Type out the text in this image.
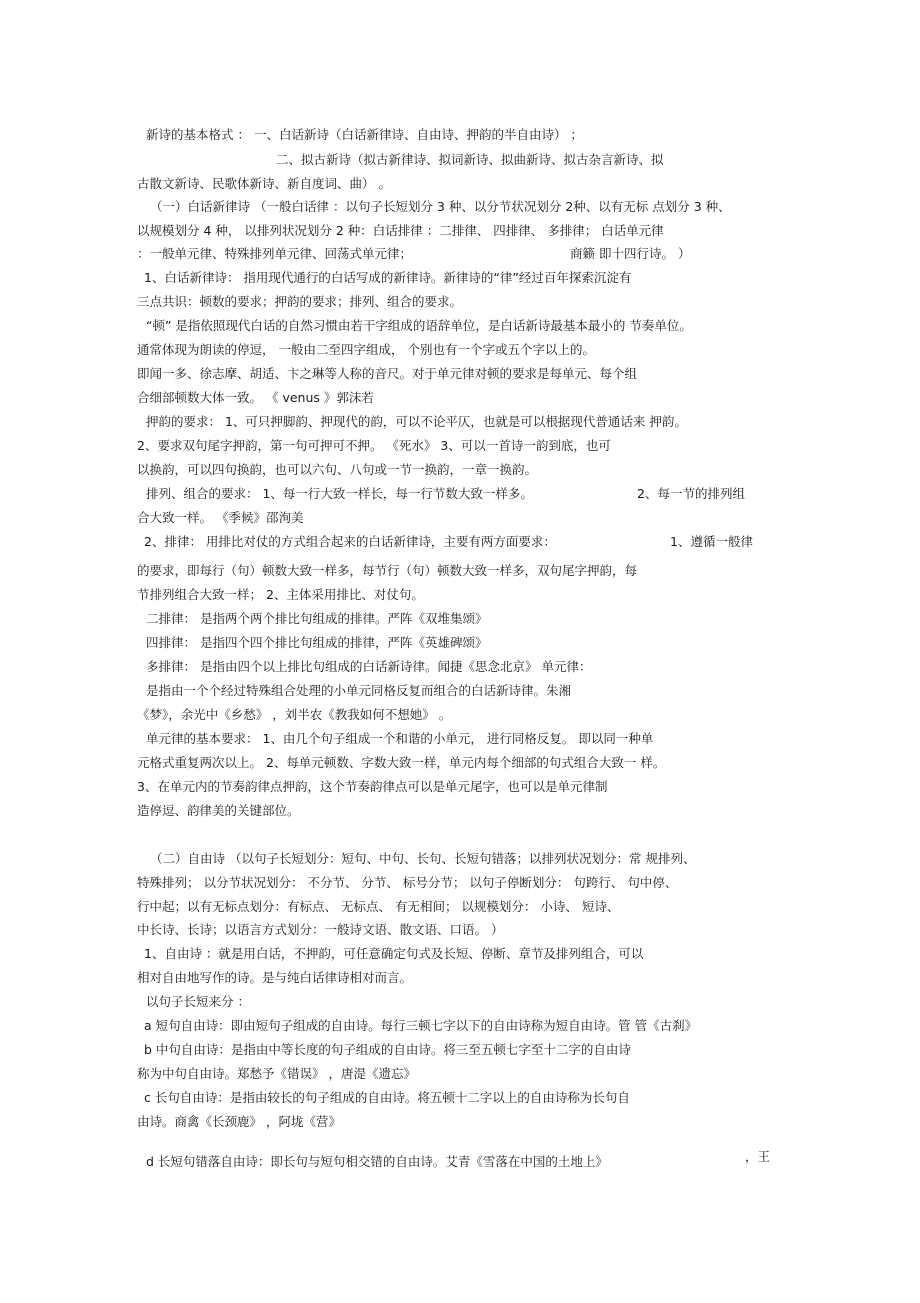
新诗的基本格式 ： 一、白话新诗（白话新律诗、自由诗、押韵的半自由诗） ；
二、拟古新诗（拟古新律诗、拟词新诗、拟曲新诗、拟古杂言新诗、拟
古散文新诗、民歌体新诗、新自度词、曲） 。
（一）白话新律诗 （一般白话律 ：以句子长短划分 3 种、以分节状况划分 2种、以有无标 点划分 3 种、
以规模划分 4 种， 以排列状况划分 2 种：白话排律 ：二排律、 四排律、 多排律； 白话单元律
：一般单元律、特殊排列单元律、回荡式单元律；	商籁 即十四行诗。 ）
1、白话新律诗： 指用现代通行的白话写成的新律诗。新律诗的“律”经过百年探索沉淀有
三点共识：顿数的要求；押韵的要求；排列、组合的要求。
“顿” 是指依照现代白话的自然习惯由若干字组成的语辞单位，是白话新诗最基本最小的 节奏单位。
通常体现为朗读的停逗， 一般由二至四字组成， 个别也有一个字或五个字以上的。
即闻一多、徐志摩、胡适、卞之琳等人称的音尺。对于单元律对顿的要求是每单元、每个组
合细部顿数大体一致。 《 venus 》郭沫若
押韵的要求： 1、可只押脚韵、押现代的韵，可以不论平仄，也就是可以根据现代普通话来 押韵。
2、要求双句尾字押韵，第一句可押可不押。 《死水》 3、可以一首诗一韵到底，也可
以换韵，可以四句换韵，也可以六句、八句或一节一换韵，一章一换韵。
排列、组合的要求： 1、每一行大致一样长，每一行节数大致一样多。	2、每一节的排列组
合大致一样。 《季候》邵洵美
2、排律： 用排比对仗的方式组合起来的白话新律诗，主要有两方面要求：	1、遵循一般律
的要求，即每行（句）顿数大致一样多，每节行（句）顿数大致一样多，双句尾字押韵，每
节排列组合大致一样； 2、主体采用排比、对仗句。
二排律： 是指两个两个排比句组成的排律。严阵《双堆集颂》
四排律： 是指四个四个排比句组成的排律，严阵《英雄碑颂》
多排律： 是指由四个以上排比句组成的白话新诗律。闻捷《思念北京》 单元律：
是指由一个个经过特殊组合处理的小单元同格反复而组合的白话新诗律。朱湘
《梦》，余光中《乡愁》 ，刘半农《教我如何不想她》 。
单元律的基本要求： 1、由几个句子组成一个和谐的小单元， 进行同格反复。 即以同一种单
元格式重复两次以上。 2、每单元顿数、字数大致一样，单元内每个细部的句式组合大致一 样。
3、在单元内的节奏韵律点押韵，这个节奏韵律点可以是单元尾字，也可以是单元律制
造停逗、韵律美的关键部位。
（二）自由诗 （以句子长短划分：短句、中句、长句、长短句错落；以排列状况划分：常 规排列、
特殊排列； 以分节状况划分： 不分节、 分节、 标号分节； 以句子停断划分： 句跨行、 句中停、
行中起；以有无标点划分：有标点、 无标点、 有无相间； 以规模划分： 小诗、 短诗、
中长诗、长诗；以语言方式划分：一般诗文语、散文语、口语。 ）
1、自由诗 ：就是用白话，不押韵，可任意确定句式及长短、停断、章节及排列组合，可以
相对自由地写作的诗。是与纯白话律诗相对而言。
以句子长短来分 ：
a 短句自由诗：即由短句子组成的自由诗。每行三顿七字以下的自由诗称为短自由诗。管 管《古刹》
b 中句自由诗：是指由中等长度的句子组成的自由诗。将三至五顿七字至十二字的自由诗
称为中句自由诗。郑愁予《错误》 ，唐湜《遗忘》
c 长句自由诗：是指由较长的句子组成的自由诗。将五顿十二字以上的自由诗称为长句自
由诗。商禽《长颈鹿》 ，阿垅《营》
d 长短句错落自由诗：即长句与短句相交错的自由诗。艾青《雪落在中国的土地上》	，王
